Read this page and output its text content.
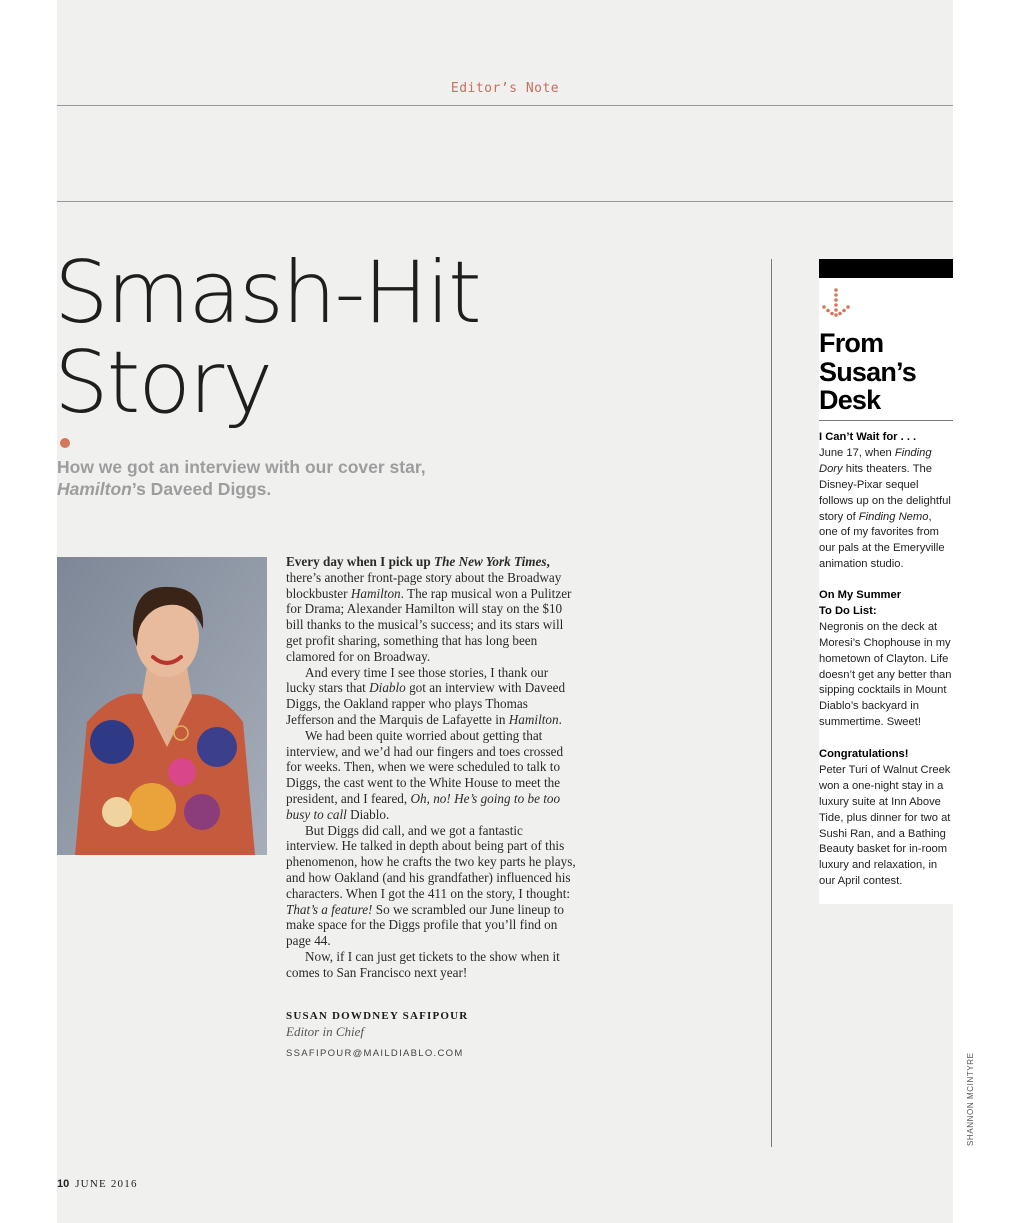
Editor’s Note
Smash-Hit
Story

How we got an interview with our cover star,
Hamilton’s Daveed Diggs.

Every day when I pick up The New York Times, there’s another front-page story about the Broadway blockbuster Hamilton. The rap musical won a Pulitzer for Drama; Alexander Hamilton will stay on the $10 bill thanks to the musical’s success; and its stars will get profit sharing, something that has long been clamored for on Broadway.

And every time I see those stories, I thank our lucky stars that Diablo got an interview with Daveed Diggs, the Oakland rapper who plays Thomas Jefferson and the Marquis de Lafayette in Hamilton.

We had been quite worried about getting that interview, and we’d had our fingers and toes crossed for weeks. Then, when we were scheduled to talk to Diggs, the cast went to the White House to meet the president, and I feared, Oh, no! He’s going to be too busy to call Diablo.

But Diggs did call, and we got a fantastic interview. He talked in depth about being part of this phenomenon, how he crafts the two key parts he plays, and how Oakland (and his grandfather) influenced his characters. When I got the 411 on the story, I thought: That’s a feature! So we scrambled our June lineup to make space for the Diggs profile that you’ll find on page 44.

Now, if I can just get tickets to the show when it comes to San Francisco next year!

SUSAN DOWDNEY SAFIPOUR
Editor in Chief
SSAFIPOUR@MAILDIABLO.COM
From
Susan’s
Desk
I Can’t Wait for . . .
June 17, when Finding Dory hits theaters. The Disney-Pixar sequel follows up on the delightful story of Finding Nemo, one of my favorites from our pals at the Emeryville animation studio.
On My Summer To Do List:
Negronis on the deck at Moresi’s Chophouse in my hometown of Clayton. Life doesn’t get any better than sipping cocktails in Mount Diablo’s backyard in summertime. Sweet!
Congratulations!
Peter Turi of Walnut Creek won a one-night stay in a luxury suite at Inn Above Tide, plus dinner for two at Sushi Ran, and a Bathing Beauty basket for in-room luxury and relaxation, in our April contest.
10 JUNE 2016
SHANNON MCINTYRE
